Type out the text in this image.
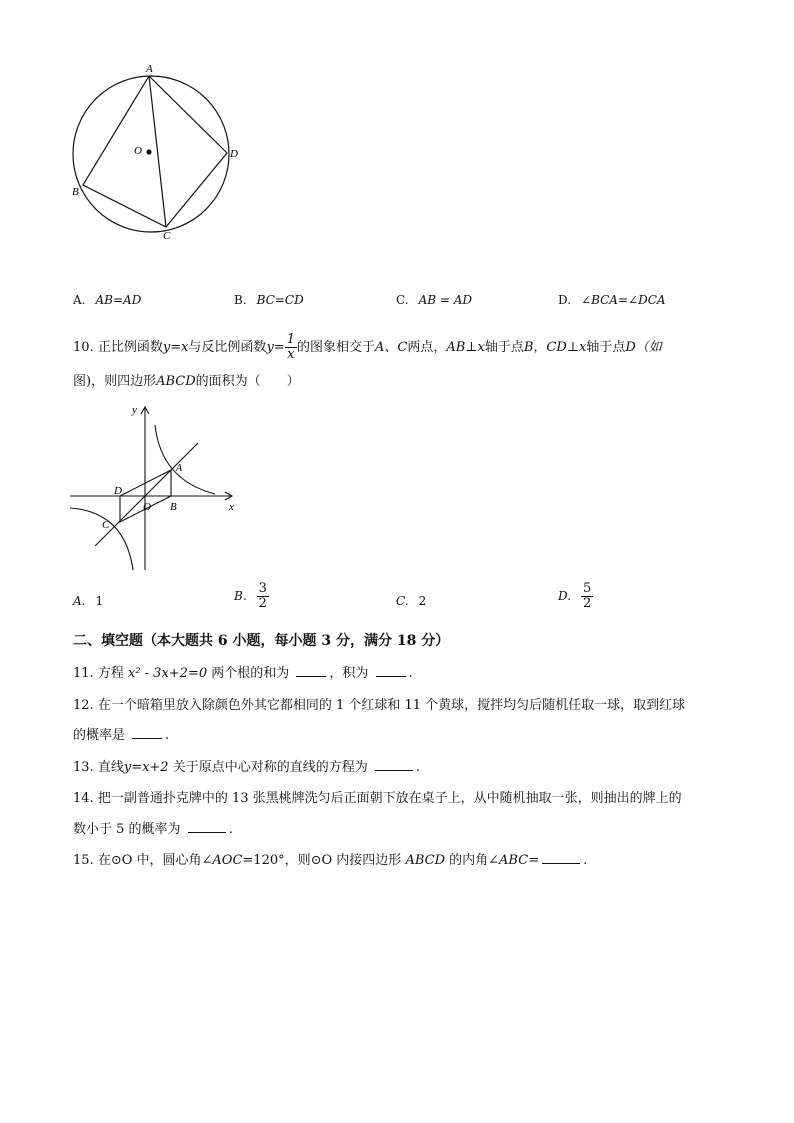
A
D
B
C
O
A. AB=AD	B. BC=CD	C. AB = AD	D. ∠BCA=∠DCA
10. 正比例函数y=x与反比例函数$y= \frac{1}{x}$ 的图象相交于A、C两点，AB⊥x轴于点B，CD⊥x轴于点D（如
图)，则四边形ABCD的面积为（　　）
y
x
A
B
C
D
O
A. 1	B. $\frac{3}{2}$	C. 2	D. $\frac{5}{2}$
二、填空题（本大题共 6 小题，每小题 3 分，满分 18 分）
11. 方程 x² - 3x+2=0 两个根的和为	，积为	.
12. 在一个暗箱里放入除颜色外其它都相同的 1 个红球和 11 个黄球，搅拌均匀后随机任取一球，取到红球
的概率是	.
13. 直线y=x+2 关于原点中心对称的直线的方程为	.
14. 把一副普通扑克牌中的 13 张黑桃牌洗匀后正面朝下放在桌子上，从中随机抽取一张，则抽出的牌上的
数小于 5 的概率为	.
15. 在⊙O 中，圆心角∠AOC=120°，则⊙O 内接四边形 ABCD 的内角∠ABC=	.
